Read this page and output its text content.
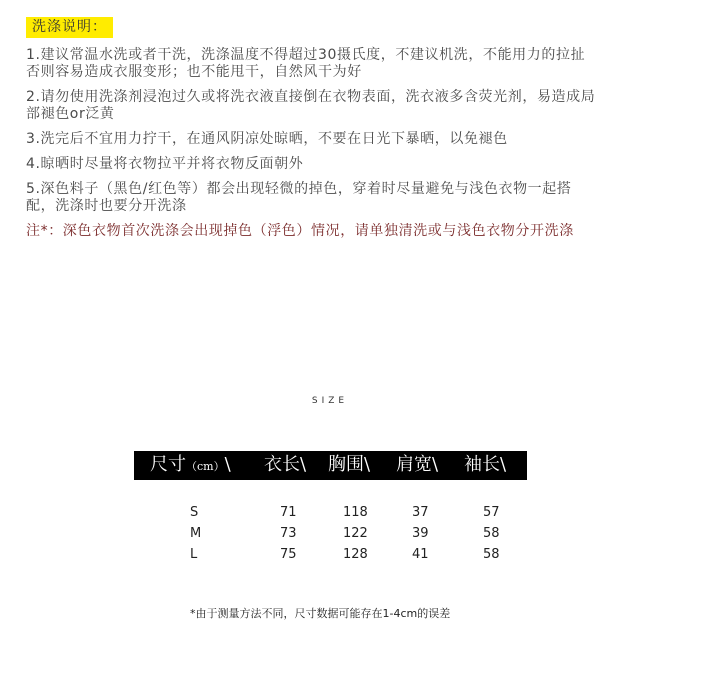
洗涤说明：

1.建议常温水洗或者干洗，洗涤温度不得超过30摄氏度，不建议机洗，不能用力的拉扯否则容易造成衣服变形；也不能甩干，自然风干为好

2.请勿使用洗涤剂浸泡过久或将洗衣液直接倒在衣物表面，洗衣液多含荧光剂，易造成局部褪色or泛黄

3.洗完后不宜用力拧干，在通风阴凉处晾晒，不要在日光下暴晒，以免褪色

4.晾晒时尽量将衣物拉平并将衣物反面朝外

5.深色料子（黑色/红色等）都会出现轻微的掉色，穿着时尽量避免与浅色衣物一起搭配，洗涤时也要分开洗涤

注*：深色衣物首次洗涤会出现掉色（浮色）情况，请单独清洗或与浅色衣物分开洗涤

SIZE
尺寸（cm）\ 衣长\ 胸围\ 肩宽\ 袖长\
S	71	118	37	57
M	73	122	39	58
L	75	128	41	58
*由于测量方法不同，尺寸数据可能存在1-4cm的误差
